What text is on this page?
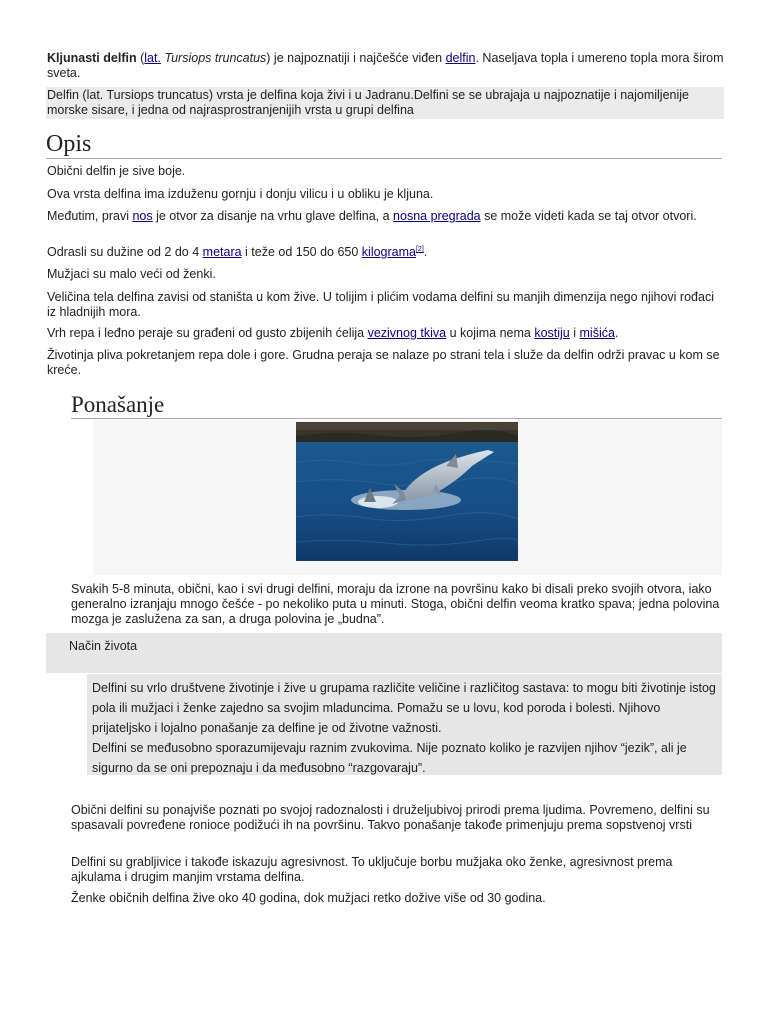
Kljunasti delfin (lat. Tursiops truncatus) je najpoznatiji i najčešće viđen delfin. Naseljava topla i umereno topla mora širom sveta.

Delfin (lat. Tursiops truncatus) vrsta je delfina koja živi i u Jadranu.Delfini se se ubrajaja u najpoznatije i najomiljenije morske sisare, i jedna od najrasprostranjenijih vrsta u grupi delfina

Opis

Obični delfin je sive boje.

Ova vrsta delfina ima izduženu gornju i donju vilicu i u obliku je kljuna.

Međutim, pravi nos je otvor za disanje na vrhu glave delfina, a nosna pregrada se može videti kada se taj otvor otvori.

Odrasli su dužine od 2 do 4 metara i teže od 150 do 650 kilograma[2].

Mužjaci su malo veći od ženki.

Veličina tela delfina zavisi od staništa u kom žive. U tolijim i plićim vodama delfini su manjih dimenzija nego njihovi rođaci iz hladnijih mora.

Vrh repa i leđno peraje su građeni od gusto zbijenih ćelija vezivnog tkiva u kojima nema kostiju i mišića.

Životinja pliva pokretanjem repa dole i gore. Grudna peraja se nalaze po strani tela i služe da delfin održi pravac u kom se kreće.

Ponašanje

Svakih 5-8 minuta, obični, kao i svi drugi delfini, moraju da izrone na površinu kako bi disali preko svojih otvora, iako generalno izranjaju mnogo češće - po nekoliko puta u minuti. Stoga, obični delfin veoma kratko spava; jedna polovina mozga je zaslužena za san, a druga polovina je „budna”.

Način života

Delfini su vrlo društvene životinje i žive u grupama različite veličine i različitog sastava: to mogu biti životinje istog pola ili mužjaci i ženke zajedno sa svojim mladuncima. Pomažu se u lovu, kod poroda i bolesti. Njihovo prijateljsko i lojalno ponašanje za delfine je od životne važnosti.

Delfini se međusobno sporazumijevaju raznim zvukovima. Nije poznato koliko je razvijen njihov “jezik”, ali je sigurno da se oni prepoznaju i da međusobno “razgovaraju”.

Obični delfini su ponajviše poznati po svojoj radoznalosti i druželjubivoj prirodi prema ljudima. Povremeno, delfini su spasavali povređene ronioce podižući ih na površinu. Takvo ponašanje takođe primenjuju prema sopstvenoj vrsti

Delfini su grabljivice i takođe iskazuju agresivnost. To uključuje borbu mužjaka oko ženke, agresivnost prema ajkulama i drugim manjim vrstama delfina.

Ženke običnih delfina žive oko 40 godina, dok mužjaci retko dožive više od 30 godina.
